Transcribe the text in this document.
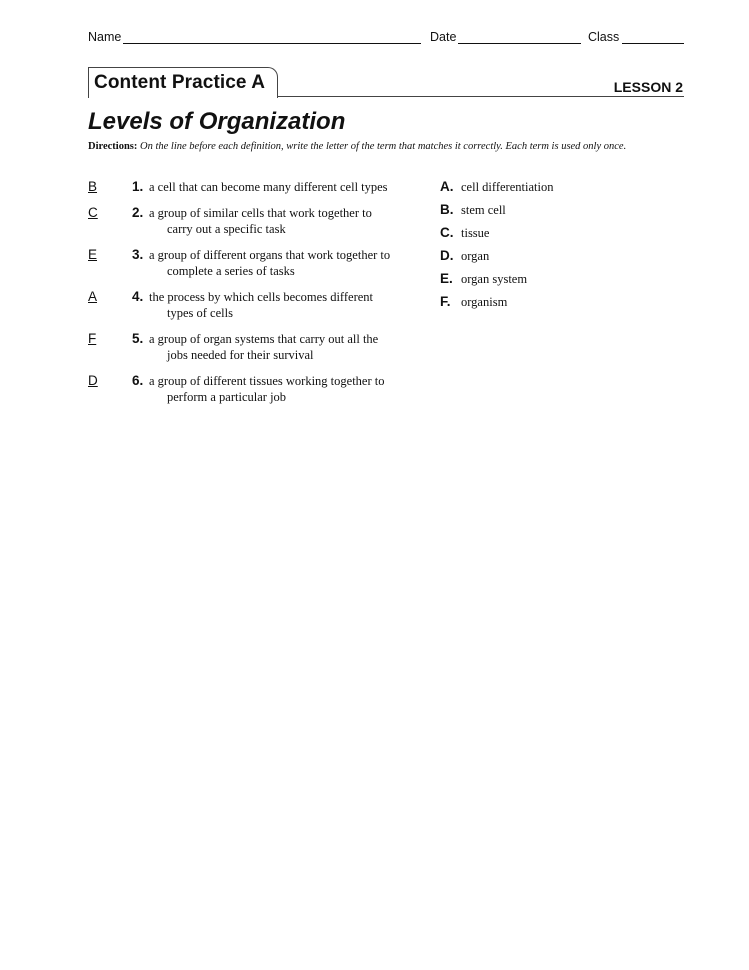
Name	Date	Class
Content Practice A	LESSON 2
Levels of Organization
Directions: On the line before each definition, write the letter of the term that matches it correctly. Each term is used only once.
B	1. a cell that can become many different cell types
C	2. a group of similar cells that work together to
carry out a specific task
E	3. a group of different organs that work together to
complete a series of tasks
A	4. the process by which cells becomes different
types of cells
F	5. a group of organ systems that carry out all the
jobs needed for their survival
D	6. a group of different tissues working together to
perform a particular job
A. cell differentiation
B. stem cell
C. tissue
D. organ
E. organ system
F. organism
